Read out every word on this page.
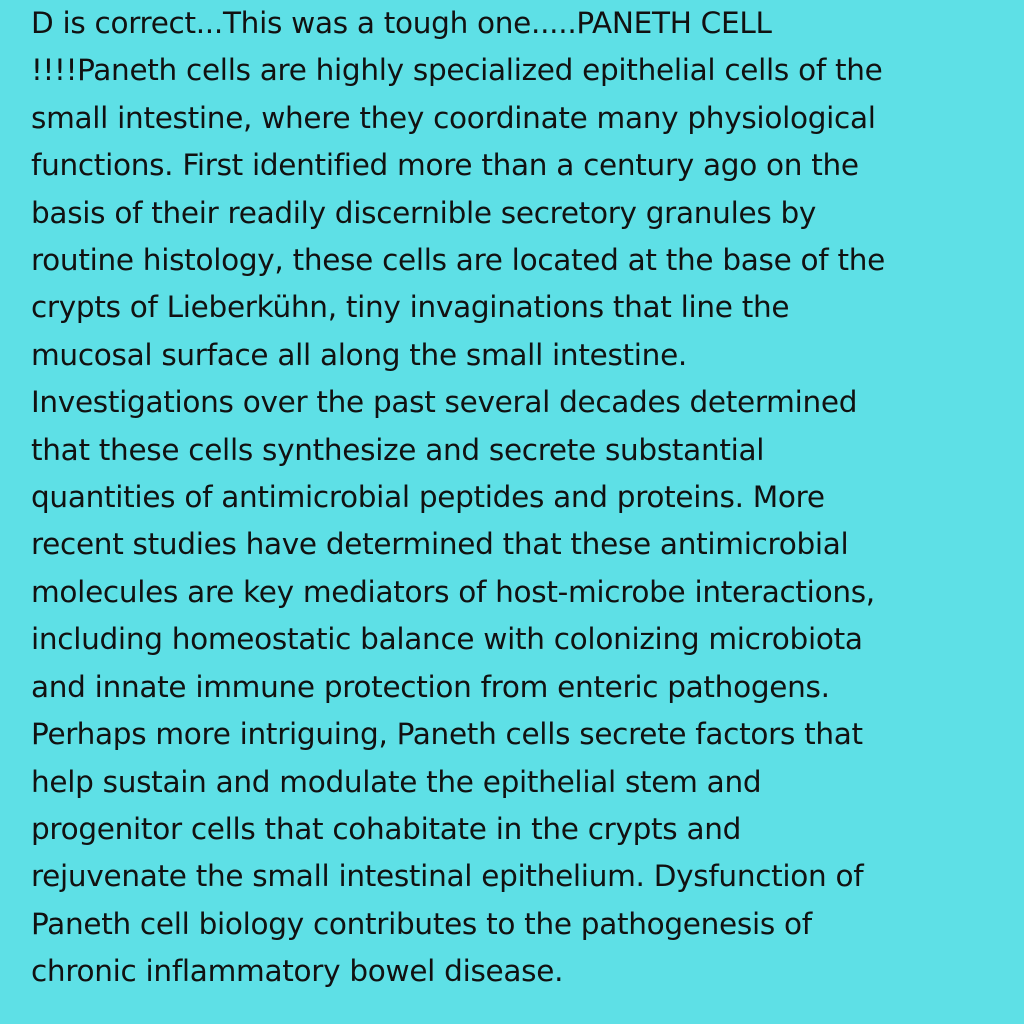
D is correct...This was a tough one.....PANETH CELL
!!!!Paneth cells are highly specialized epithelial cells of the
small intestine, where they coordinate many physiological
functions. First identified more than a century ago on the
basis of their readily discernible secretory granules by
routine histology, these cells are located at the base of the
crypts of Lieberkühn, tiny invaginations that line the
mucosal surface all along the small intestine.
Investigations over the past several decades determined
that these cells synthesize and secrete substantial
quantities of antimicrobial peptides and proteins. More
recent studies have determined that these antimicrobial
molecules are key mediators of host-microbe interactions,
including homeostatic balance with colonizing microbiota
and innate immune protection from enteric pathogens.
Perhaps more intriguing, Paneth cells secrete factors that
help sustain and modulate the epithelial stem and
progenitor cells that cohabitate in the crypts and
rejuvenate the small intestinal epithelium. Dysfunction of
Paneth cell biology contributes to the pathogenesis of
chronic inflammatory bowel disease.
